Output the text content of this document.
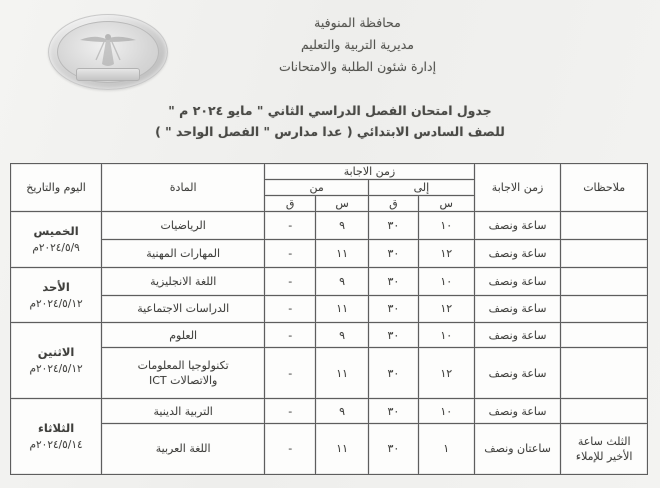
محافظة المنوفية
مديرية التربية والتعليم
إدارة شئون الطلبة والامتحانات
جدول امتحان الفصل الدراسي الثاني " مايو ٢٠٢٤ م "
للصف السادس الابتدائي ( عدا مدارس " الفصل الواحد " )
ملاحظات	زمن الاجابة	زمن الاجابة				المادة	اليوم والتاريخ
		إلى		من			
		س	ق	س	ق		
	ساعة ونصف	١٠	٣٠	٩	-	الرياضيات	الخميس
٢٠٢٤/٥/٩م

	ساعة ونصف	١٢	٣٠	١١	-	المهارات المهنية	
	ساعة ونصف	١٠	٣٠	٩	-	اللغة الانجليزية	الأحد
٢٠٢٤/٥/١٢م

	ساعة ونصف	١٢	٣٠	١١	-	الدراسات الاجتماعية	
	ساعة ونصف	١٠	٣٠	٩	-	العلوم	الاثنين
٢٠٢٤/٥/١٢م

	ساعة ونصف	١٢	٣٠	١١	-	تكنولوجيا المعلومات
والاتصالات ICT	

	ساعة ونصف	١٠	٣٠	٩	-	التربية الدينية	الثلاثاء
٢٠٢٤/٥/١٤م

الثلث ساعة
الأخير للإملاء	ساعتان ونصف	١	٣٠	١١	-	اللغة العربية	
